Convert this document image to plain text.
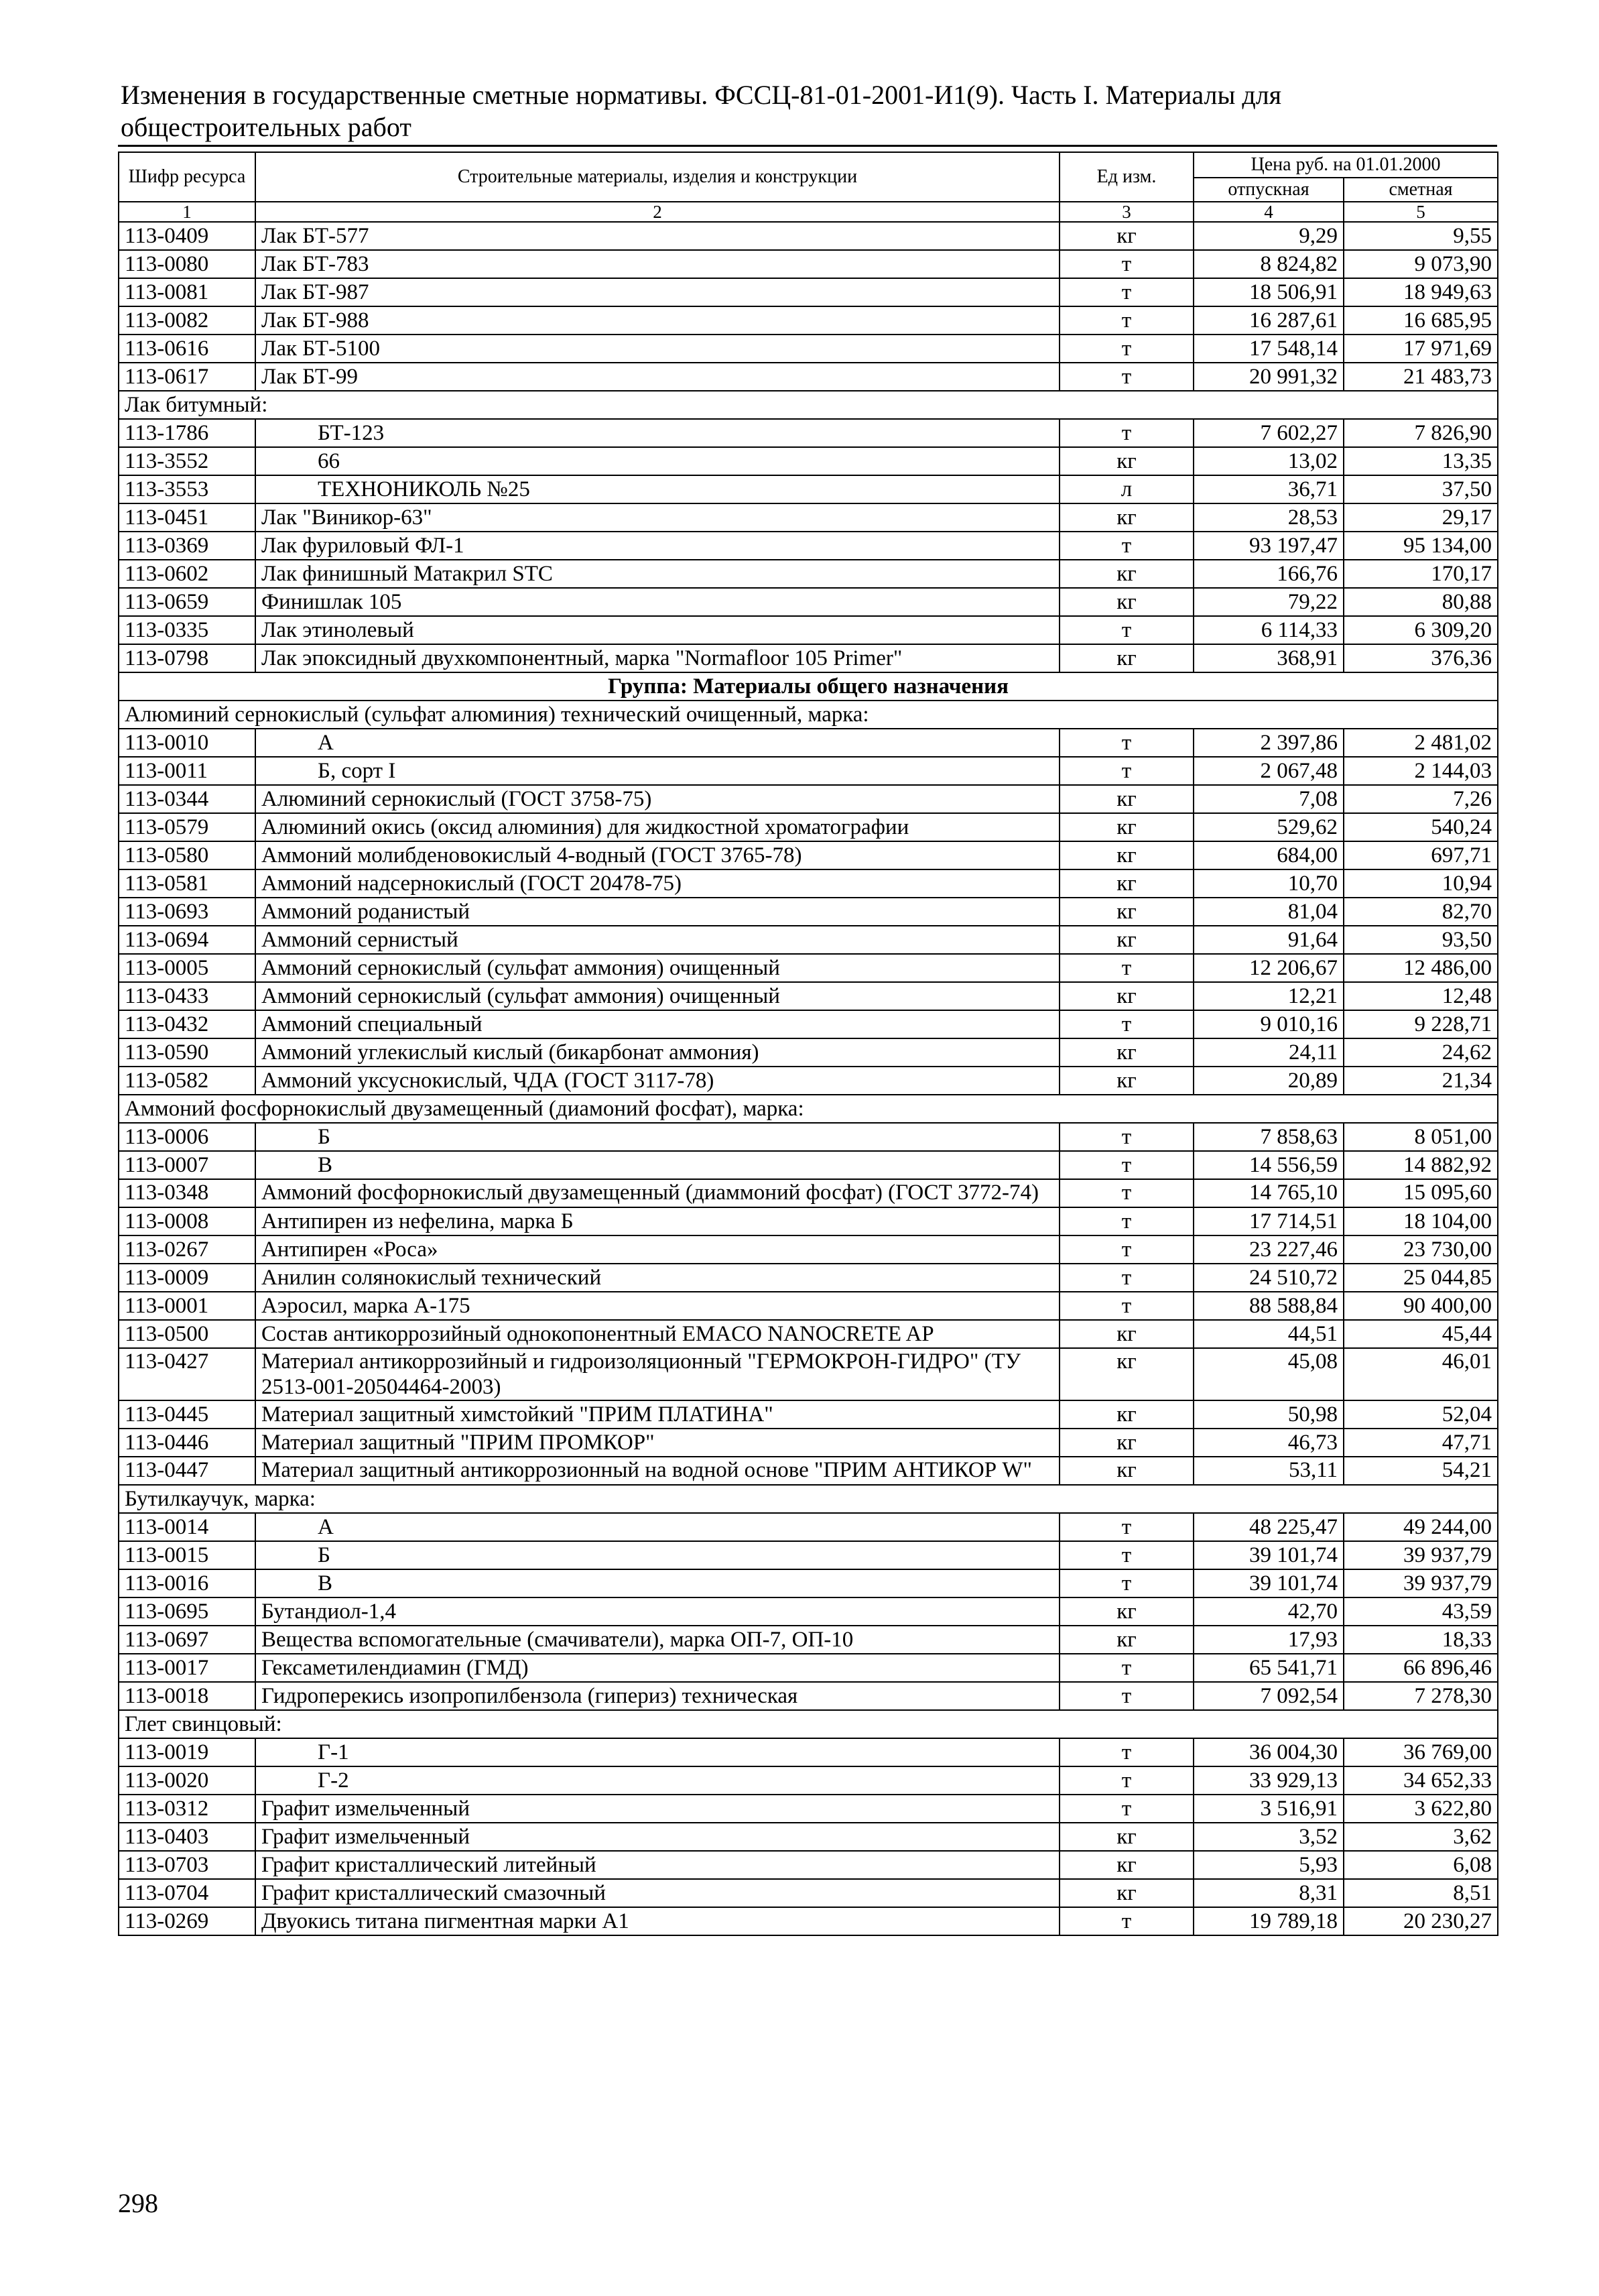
Изменения в государственные сметные нормативы. ФССЦ-81-01-2001-И1(9). Часть I. Материалы для общестроительных работ
Шифр ресурса	Строительные материалы, изделия и конструкции	Ед изм.	Цена руб. на 01.01.2000	
			отпускная	сметная
1	2	3	4	5
113-0409	Лак БТ-577	кг	9,29	9,55
113-0080	Лак БТ-783	т	8 824,82	9 073,90
113-0081	Лак БТ-987	т	18 506,91	18 949,63
113-0082	Лак БТ-988	т	16 287,61	16 685,95
113-0616	Лак БТ-5100	т	17 548,14	17 971,69
113-0617	Лак БТ-99	т	20 991,32	21 483,73
Лак битумный:				
113-1786	БТ-123	т	7 602,27	7 826,90
113-3552	66	кг	13,02	13,35
113-3553	ТЕХНОНИКОЛЬ №25	л	36,71	37,50
113-0451	Лак "Виникор-63"	кг	28,53	29,17
113-0369	Лак фуриловый ФЛ-1	т	93 197,47	95 134,00
113-0602	Лак финишный Матакрил STC	кг	166,76	170,17
113-0659	Финишлак 105	кг	79,22	80,88
113-0335	Лак этинолевый	т	6 114,33	6 309,20
113-0798	Лак эпоксидный двухкомпонентный, марка "Normafloor 105 Primer"	кг	368,91	376,36
Группа: Материалы общего назначения				
Алюминий сернокислый (сульфат алюминия) технический очищенный, марка:				
113-0010	А	т	2 397,86	2 481,02
113-0011	Б, сорт I	т	2 067,48	2 144,03
113-0344	Алюминий сернокислый (ГОСТ 3758-75)	кг	7,08	7,26
113-0579	Алюминий окись (оксид алюминия) для жидкостной хроматографии	кг	529,62	540,24
113-0580	Аммоний молибденовокислый 4-водный (ГОСТ 3765-78)	кг	684,00	697,71
113-0581	Аммоний надсернокислый (ГОСТ 20478-75)	кг	10,70	10,94
113-0693	Аммоний роданистый	кг	81,04	82,70
113-0694	Аммоний сернистый	кг	91,64	93,50
113-0005	Аммоний сернокислый (сульфат аммония) очищенный	т	12 206,67	12 486,00
113-0433	Аммоний сернокислый (сульфат аммония) очищенный	кг	12,21	12,48
113-0432	Аммоний специальный	т	9 010,16	9 228,71
113-0590	Аммоний углекислый кислый (бикарбонат аммония)	кг	24,11	24,62
113-0582	Аммоний уксуснокислый, ЧДА (ГОСТ 3117-78)	кг	20,89	21,34
Аммоний фосфорнокислый двузамещенный (диамоний фосфат), марка:				
113-0006	Б	т	7 858,63	8 051,00
113-0007	В	т	14 556,59	14 882,92
113-0348	Аммоний фосфорнокислый двузамещенный (диаммоний фосфат) (ГОСТ 3772-74)	т	14 765,10	15 095,60
113-0008	Антипирен из нефелина, марка Б	т	17 714,51	18 104,00
113-0267	Антипирен «Роса»	т	23 227,46	23 730,00
113-0009	Анилин солянокислый технический	т	24 510,72	25 044,85
113-0001	Аэросил, марка А-175	т	88 588,84	90 400,00
113-0500	Состав антикоррозийный однокопонентный EMACO NANOCRETE AP	кг	44,51	45,44
113-0427	Материал антикоррозийный и гидроизоляционный "ГЕРМОКРОН-ГИДРО" (ТУ 2513-001-20504464-2003)	кг	45,08	46,01
113-0445	Материал защитный химстойкий "ПРИМ ПЛАТИНА"	кг	50,98	52,04
113-0446	Материал защитный "ПРИМ ПРОМКОР"	кг	46,73	47,71
113-0447	Материал защитный антикоррозионный на водной основе "ПРИМ АНТИКОР W"	кг	53,11	54,21
Бутилкаучук, марка:				
113-0014	А	т	48 225,47	49 244,00
113-0015	Б	т	39 101,74	39 937,79
113-0016	В	т	39 101,74	39 937,79
113-0695	Бутандиол-1,4	кг	42,70	43,59
113-0697	Вещества вспомогательные (смачиватели), марка ОП-7, ОП-10	кг	17,93	18,33
113-0017	Гексаметилендиамин (ГМД)	т	65 541,71	66 896,46
113-0018	Гидроперекись изопропилбензола (гипериз) техническая	т	7 092,54	7 278,30
Глет свинцовый:				
113-0019	Г-1	т	36 004,30	36 769,00
113-0020	Г-2	т	33 929,13	34 652,33
113-0312	Графит измельченный	т	3 516,91	3 622,80
113-0403	Графит измельченный	кг	3,52	3,62
113-0703	Графит кристаллический литейный	кг	5,93	6,08
113-0704	Графит кристаллический смазочный	кг	8,31	8,51
113-0269	Двуокись титана пигментная марки А1	т	19 789,18	20 230,27
298
